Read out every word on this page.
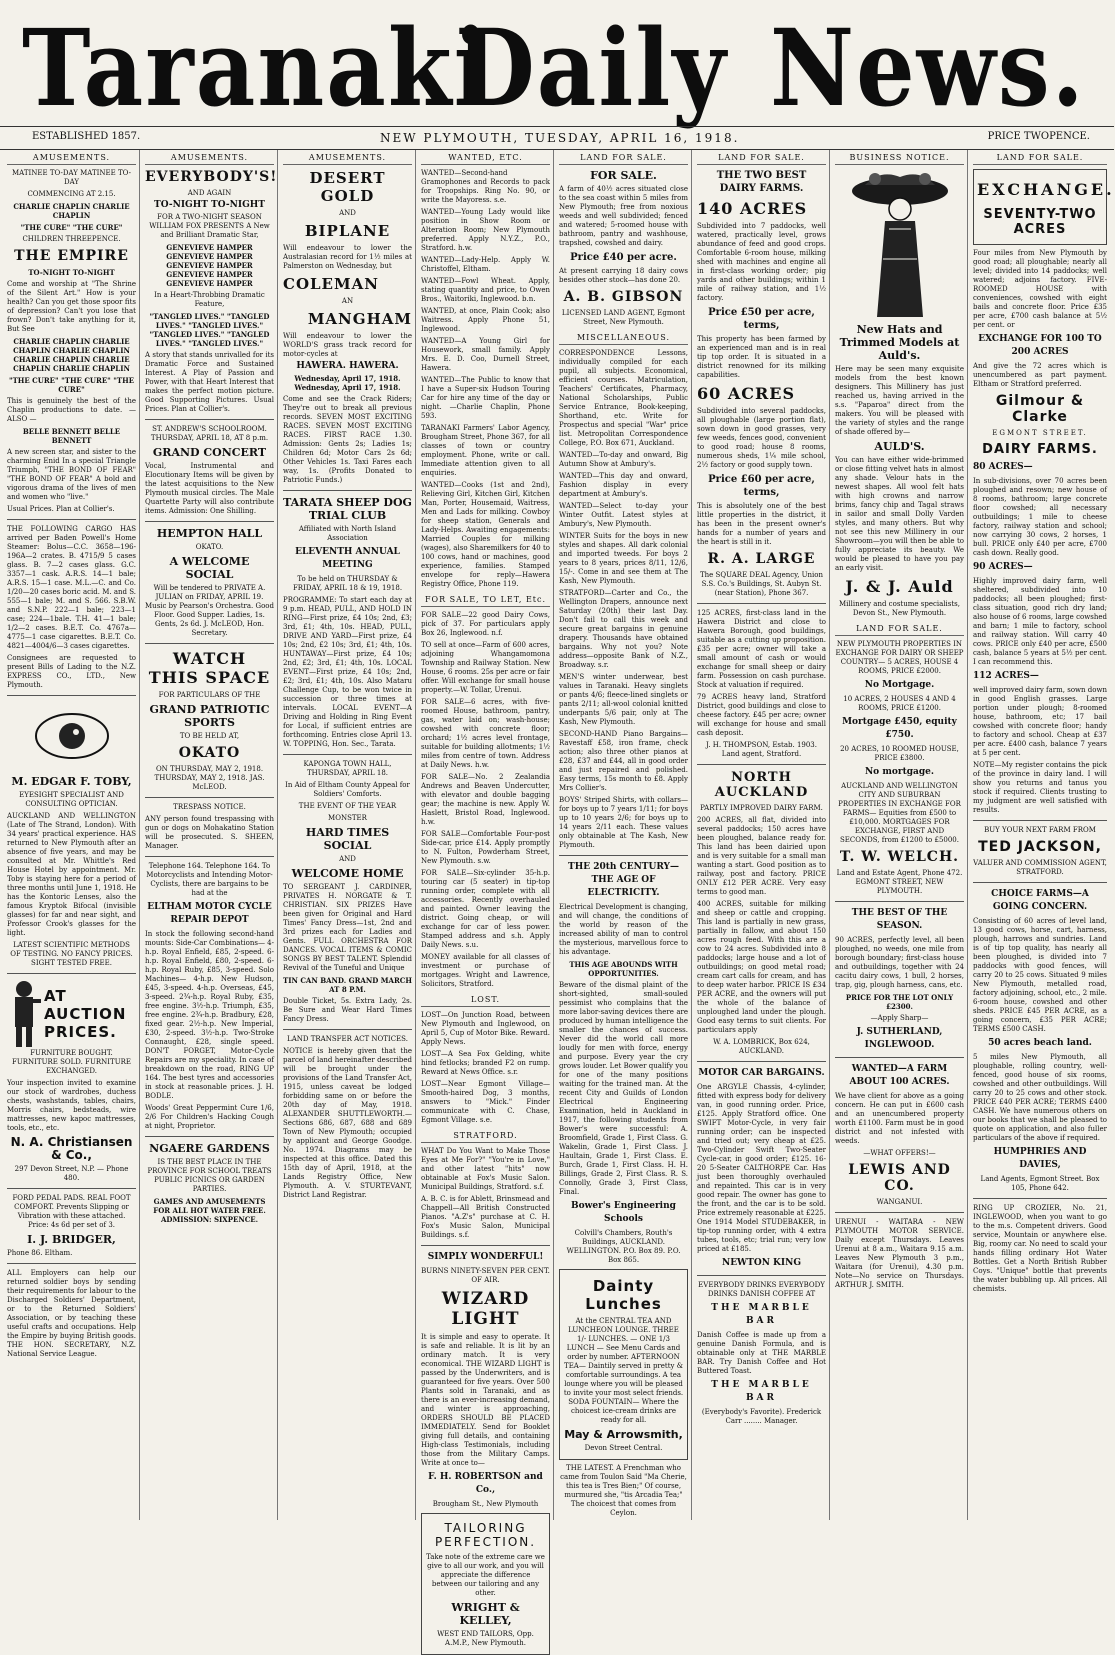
Taranaki
Daily News.
ESTABLISHED 1857.	NEW PLYMOUTH, TUESDAY, APRIL 16, 1918.	PRICE TWOPENCE.
AMUSEMENTS.

MATINEE TO-DAY MATINEE TO-DAY

COMMENCING AT 2.15.

CHARLIE CHAPLIN CHARLIE CHAPLIN

"THE CURE" "THE CURE"

CHILDREN THREEPENCE.

THE EMPIRE

TO-NIGHT TO-NIGHT

Come and worship at "The Shrine of the Silent Art." How is your health? Can you get those spoor fits of depression? Can't you lose that frown? Don't take anything for it, But See

CHARLIE CHAPLIN CHARLIE CHAPLIN CHARLIE CHAPLIN CHARLIE CHAPLIN CHARLIE CHAPLIN CHARLIE CHAPLIN

"THE CURE" "THE CURE" "THE CURE"

This is genuinely the best of the Chaplin productions to date. — ALSO —

BELLE BENNETT BELLE BENNETT

A new screen star, and sister to the charming Enid In a special Triangle Triumph, "THE BOND OF FEAR" "THE BOND OF FEAR" A bold and vigorous drama of the lives of men and women who "live."

Usual Prices. Plan at Collier's.

THE FOLLOWING CARGO HAS arrived per Baden Powell's Home Steamer: Bolus—C.C. 3658—196-196A—2 crates. B. 4715/9 5 cases glass. B. 7—2 cases glass. G.C. 3357—1 cask. A.R.S. 14—1 bale; A.R.S. 15—1 case. M.L.—C. and Co. 1/20—20 cases boric acid. M. and S. 555—1 bale; M. and S. 566. S.B.W. and S.N.P. 222—1 bale; 223—1 case; 224—1bale. T.H. 41—1 bale; 1/2—2 cases. B.E.T. Co. 4767a—4775—1 case cigarettes. B.E.T. Co. 4821—4004/6—3 cases cigarettes.

Consignees are requested to present Bills of Lading to the N.Z. EXPRESS CO., LTD., New Plymouth.

M. EDGAR F. TOBY,

EYESIGHT SPECIALIST AND CONSULTING OPTICIAN.

AUCKLAND AND WELLINGTON (Late of The Strand, London). With 34 years' practical experience. HAS returned to New Plymouth after an absence of five years, and may be consulted at Mr. Whittle's Red House Hotel by appointment. Mr. Toby is staying here for a period of three months until June 1, 1918. He has the Kontoric Lenses, also the famous Kryptok Bifocal (invisible glasses) for far and near sight, and Professor Crook's glasses for the light.

LATEST SCIENTIFIC METHODS OF TESTING. NO FANCY PRICES. SIGHT TESTED FREE.

AT AUCTION PRICES.

FURNITURE BOUGHT. FURNITURE SOLD. FURNITURE EXCHANGED.

Your inspection invited to examine our stock of wardrobes, duchess chests, washstands, tables, chairs, Morris chairs, bedsteads, wire mattresses, new kapoc mattresses, tools, etc., etc.

N. A. Christiansen & Co.,

297 Devon Street, N.P. — Phone 480.

FORD PEDAL PADS. REAL FOOT COMFORT. Prevents Slipping or Vibration with these attached. Price: 4s 6d per set of 3.

I. J. BRIDGER,

Phone 86. Eltham.

ALL Employers can help our returned soldier boys by sending their requirements for labour to the Discharged Soldiers' Department, or to the Returned Soldiers' Association, or by teaching these useful crafts and occupations. Help the Empire by buying British goods. THE HON. SECRETARY, N.Z. National Service League.

AMUSEMENTS.
EVERYBODY'S!

AND AGAIN

TO-NIGHT TO-NIGHT

FOR A TWO-NIGHT SEASON WILLIAM FOX PRESENTS A New and Brilliant Dramatic Star,

GENEVIEVE HAMPER GENEVIEVE HAMPER GENEVIEVE HAMPER GENEVIEVE HAMPER GENEVIEVE HAMPER

In a Heart-Throbbing Dramatic Feature,

"TANGLED LIVES." "TANGLED LIVES." "TANGLED LIVES." "TANGLED LIVES." "TANGLED LIVES." "TANGLED LIVES."

A story that stands unrivalled for its Dramatic Force and Sustained Interest. A Play of Passion and Power, with that Heart Interest that makes the perfect motion picture. Good Supporting Pictures. Usual Prices. Plan at Collier's.

ST. ANDREW'S SCHOOLROOM. THURSDAY, APRIL 18, AT 8 p.m.

GRAND CONCERT

Vocal, Instrumental and Elocutionary Items will be given by the latest acquisitions to the New Plymouth musical circles. The Male Quartette Party will also contribute items. Admission: One Shilling.

HEMPTON HALL

OKATO.

A WELCOME SOCIAL

Will be tendered to PRIVATE A. JULIAN on FRIDAY, APRIL 19. Music by Pearson's Orchestra. Good Floor. Good Supper. Ladies, 1s. Gents, 2s 6d. J. McLEOD, Hon. Secretary.

WATCH THIS SPACE

FOR PARTICULARS OF THE

GRAND PATRIOTIC SPORTS

TO BE HELD AT,

OKATO

ON THURSDAY, MAY 2, 1918. THURSDAY, MAY 2, 1918. JAS. McLEOD.

TRESPASS NOTICE.

ANY person found trespassing with gun or dogs on Mohakatino Station will be prosecuted. S. SHEEN, Manager.

Telephone 164. Telephone 164. To Motorcyclists and Intending Motor-Cyclists, there are bargains to be had at the

ELTHAM MOTOR CYCLE REPAIR DEPOT

In stock the following second-hand mounts: Side-Car Combinations— 4-h.p. Royal Enfield, £85, 2-speed. 6-h.p. Royal Enfield, £80, 2-speed. 6-h.p. Royal Ruby, £85, 3-speed. Solo Machines— 4-h.p. New Hudson, £45, 3-speed. 4-h.p. Overseas, £45, 3-speed. 2¾-h.p. Royal Ruby, £35, free engine. 3½-h.p. Triumph, £35, free engine. 2¾-h.p. Bradbury, £28, fixed gear. 2½-h.p. New Imperial, £30, 2-speed. 3½-h.p. Two-Stroke Connaught, £28, single speed. DON'T FORGET, Motor-Cycle Repairs are my speciality. In case of breakdown on the road, RING UP 164. The best tyres and accessories in stock at reasonable prices. J. H. BODLE.

Woods' Great Peppermint Cure 1/6, 2/6 For Children's Hacking Cough at night, Proprietor.

NGAERE GARDENS

IS THE BEST PLACE IN THE PROVINCE FOR SCHOOL TREATS PUBLIC PICNICS OR GARDEN PARTIES.

GAMES AND AMUSEMENTS FOR ALL HOT WATER FREE. ADMISSION: SIXPENCE.

AMUSEMENTS.
DESERT GOLD

AND

BIPLANE

Will endeavour to lower the Australasian record for 1½ miles at Palmerston on Wednesday, but

COLEMAN

AN

MANGHAM

Will endeavour to lower the WORLD'S grass track record for motor-cycles at

HAWERA. HAWERA.

Wednesday, April 17, 1918. Wednesday, April 17, 1918.

Come and see the Crack Riders; They're out to break all previous records. SEVEN MOST EXCITING RACES. SEVEN MOST EXCITING RACES. FIRST RACE 1.30. Admission: Gents 2s; Ladies 1s; Children 6d; Motor Cars 2s 6d; Other Vehicles 1s. Taxi Fares each way, 1s. (Profits Donated to Patriotic Funds.)

TARATA SHEEP DOG TRIAL CLUB

Affiliated with North Island Association

ELEVENTH ANNUAL MEETING

To be held on THURSDAY & FRIDAY, APRIL 18 & 19, 1918.

PROGRAMME: To start each day at 9 p.m. HEAD, PULL, AND HOLD IN RING—First prize, £4 10s; 2nd, £3; 3rd, £1; 4th, 10s. HEAD, PULL, DRIVE AND YARD—First prize, £4 10s; 2nd, £2 10s; 3rd, £1; 4th, 10s. HUNTAWAY—First prize, £4 10s; 2nd, £2; 3rd, £1; 4th, 10s. LOCAL EVENT—First prize, £4 10s; 2nd, £2; 3rd, £1; 4th, 10s. Also Mataru Challenge Cup, to be won twice in succession or three times at intervals. LOCAL EVENT—A Driving and Holding in Ring Event for Local, if sufficient entries are forthcoming. Entries close April 13. W. TOPPING, Hon. Sec., Tarata.

KAPONGA TOWN HALL, THURSDAY, APRIL 18.

In Aid of Eltham County Appeal for Soldiers' Comforts.

THE EVENT OF THE YEAR

MONSTER

HARD TIMES SOCIAL

AND

WELCOME HOME

TO SERGEANT J. CARDINER, PRIVATES H. NORGATE & T. CHRISTIAN. SIX PRIZES Have been given for Original and Hard Times' Fancy Dress—1st, 2nd and 3rd prizes each for Ladies and Gents. FULL ORCHESTRA FOR DANCES. VOCAL ITEMS & COMIC SONGS BY BEST TALENT. Splendid Revival of the Tuneful and Unique

TIN CAN BAND. GRAND MARCH AT 8 P.M.

Double Ticket, 5s. Extra Lady, 2s. Be Sure and Wear Hard Times Fancy Dress.

LAND TRANSFER ACT NOTICES.

NOTICE is hereby given that the parcel of land hereinafter described will be brought under the provisions of the Land Transfer Act, 1915, unless caveat be lodged forbidding same on or before the 20th day of May, 1918. ALEXANDER SHUTTLEWORTH.—Sections 686, 687, 688 and 689 Town of New Plymouth; occupied by applicant and George Goodge. No. 1974. Diagrams may be inspected at this office. Dated this 15th day of April, 1918, at the Lands Registry Office, New Plymouth. A. V. STURTEVANT, District Land Registrar.

WANTED, ETC.

WANTED—Second-hand Gramophones and Records to pack for Troopships. Ring No. 90, or write the Mayoress. s.e.

WANTED—Young Lady would like position in Show Room or Alteration Room; New Plymouth preferred. Apply N.Y.Z., P.O., Stratford. h.w.

WANTED—Lady-Help. Apply W. Christoffel, Eltham.

WANTED—Fowl Wheat. Apply, stating quantity and price, to Owen Bros., Waitoriki, Inglewood. b.n.

WANTED, at once, Plain Cook; also Waitress. Apply Phone 51, Inglewood.

WANTED—A Young Girl for Housework, small family. Apply Mrs. E. D. Coo, Durnell Street, Hawera.

WANTED—The Public to know that I have a Super-six Hudson Touring Car for hire any time of the day or night. —Charlie Chaplin, Phone 593.

TARANAKI Farmers' Labor Agency, Brougham Street, Phone 367, for all classes of town or country employment. Phone, write or call. Immediate attention given to all enquiries.

WANTED—Cooks (1st and 2nd), Relieving Girl, Kitchen Girl, Kitchen Man, Porter, Housemaid, Waitress, Men and Lads for milking. Cowboy for sheep station, Generals and Lady-Helps. Awaiting engagements: Married Couples for milking (wages), also Sharemilkers for 40 to 100 cows, hand or machines, good experience, families. Stamped envelope for reply—Hawera Registry Office, Phone 119.

FOR SALE, TO LET, Etc.

FOR SALE—22 good Dairy Cows, pick of 37. For particulars apply Box 26, Inglewood. n.f.

TO sell at once—Farm of 600 acres, adjoining Whangamomona Township and Railway Station. New House, 6 rooms. 25s per acre or fair offer. Will exchange for small house property.—W. Tollar, Urenui.

FOR SALE—6 acres, with five-roomed House, bathroom, pantry, gas, water laid on; wash-house; cowshed with concrete floor; orchard; 1½ acres level frontage, suitable for building allotments; 1½ miles from centre of town. Address at Daily News. h.w.

FOR SALE—No. 2 Zealandia Andrews and Beaven Undercutter, with elevator and double bagging gear; the machine is new. Apply W. Haslett, Bristol Road, Inglewood. h.w.

FOR SALE—Comfortable Four-post Side-car, price £14. Apply promptly to N. Fulton, Powderham Street, New Plymouth. s.w.

FOR SALE—Six-cylinder 35-h.p. touring car (5 seater) in tip-top running order, complete with all accessories. Recently overhauled and painted. Owner leaving the district. Going cheap, or will exchange for car of less power. Stamped address and s.h. Apply Daily News. s.u.

MONEY available for all classes of investment or purchase of mortgages. Wright and Lawrence, Solicitors, Stratford.

LOST.

LOST—On Junction Road, between New Plymouth and Inglewood, on April 5, Cup of Motor Bike. Reward. Apply News.

LOST—A Sea Fox Gelding, white hind fetlocks; branded F2 on rump. Reward at News Office. s.r.

LOST—Near Egmont Village—Smooth-haired Dog, 3 months, answers to "Mick." Finder communicate with C. Chase, Egmont Village. s.e.

STRATFORD.

WHAT Do You Want to Make Those Eyes at Me For?" "You're in Love," and other latest "hits" now obtainable at Fox's Music Salon. Municipal Buildings, Stratford. s.f.

A. B. C. is for Ablett, Brinsmead and Chappell—All British Constructed Pianos. "A.Z's" purchase at C. H. Fox's Music Salon, Municipal Buildings. s.f.

SIMPLY WONDERFUL!

BURNS NINETY-SEVEN PER CENT. OF AIR.

WIZARD LIGHT

It is simple and easy to operate. It is safe and reliable. It is lit by an ordinary match. It is very economical. THE WIZARD LIGHT is passed by the Underwriters, and is guaranteed for five years. Over 500 Plants sold in Taranaki, and as there is an ever-increasing demand, and winter is approaching, ORDERS SHOULD BE PLACED IMMEDIATELY. Send for Booklet giving full details, and containing High-class Testimonials, including those from the Military Camps. Write at once to—

F. H. ROBERTSON and Co.,

Brougham St., New Plymouth

TAILORING PERFECTION.

Take note of the extreme care we give to all our work, and you will appreciate the difference between our tailoring and any other.

WRIGHT & KELLEY,

WEST END TAILORS, Opp. A.M.P., New Plymouth.

LAND FOR SALE.
FOR SALE.

A farm of 40½ acres situated close to the sea coast within 5 miles from New Plymouth; free from noxious weeds and well subdivided; fenced and watered; 5-roomed house with bathroom, pantry and washhouse, trapshed, cowshed and dairy.

Price £40 per acre.

At present carrying 18 dairy cows besides other stock—has done 20.

A. B. GIBSON

LICENSED LAND AGENT, Egmont Street, New Plymouth.

MISCELLANEOUS.

CORRESPONDENCE Lessons, individually compiled for each pupil, all subjects. Economical, efficient courses. Matriculation, Teachers' Certificates, Pharmacy, National Scholarships, Public Service Entrance, Book-keeping, Shorthand, etc. Write for Prospectus and special "War" price list. Metropolitan Correspondence College, P.O. Box 671, Auckland.

WANTED—To-day and onward, Big Autumn Show at Ambury's.

WANTED—This day and onward, Fashion display in every department at Ambury's.

WANTED—Select to-day your Winter Outfit. Latest styles at Ambury's, New Plymouth.

WINTER Suits for the boys in new styles and shapes. All dark colonial and imported tweeds. For boys 2 years to 8 years, prices 8/11, 12/6, 15/-. Come in and see them at The Kash, New Plymouth.

STRATFORD—Carter and Co., the Wellington Drapers, announce next Saturday (20th) their last Day. Don't fail to call this week and secure great bargains in genuine drapery. Thousands have obtained bargains. Why not you? Note address—opposite Bank of N.Z., Broadway. s.r.

MEN'S winter underwear, best values in Taranaki. Heavy singlets or pants 4/6; fleece-lined singlets or pants 2/11; all-wool colonial knitted underpants 5/6 pair, only at The Kash, New Plymouth.

SECOND-HAND Piano Bargains—Ravestaff £58, iron frame, check action; also three other pianos at £28, £37 and £44, all in good order and just repaired and polished. Easy terms, 15s month to £8. Apply Mrs Collier's.

BOYS' Striped Shirts, with collars—for boys up to 7 years 1/11; for boys up to 10 years 2/6; for boys up to 14 years 2/11 each. These values only obtainable at The Kash, New Plymouth.

THE 20th CENTURY—THE AGE OF ELECTRICITY.

Electrical Development is changing, and will change, the conditions of the world by reason of the increased ability of man to control the mysterious, marvellous force to his advantage.

THIS AGE ABOUNDS WITH OPPORTUNITIES.

Beware of the dismal plaint of the short-sighted, small-souled pessimist who complains that the more labor-saving devices there are produced by human intelligence the smaller the chances of success. Never did the world call more loudly for men with force, energy and purpose. Every year the cry grows louder. Let Bower qualify you for one of the many positions waiting for the trained man. At the recent City and Guilds of London Electrical Engineering Examination, held in Auckland in 1917, the following students from Bower's were successful: A. Broomfield, Grade 1, First Class. G. Wakelin, Grade 1, First Class. J. Haultain, Grade 1, First Class. E. Burch, Grade 1, First Class. H. H. Billings, Grade 2, First Class. R. S. Connolly, Grade 3, First Class, Final.

Bower's Engineering Schools

Colvill's Chambers, Routh's Buildings, AUCKLAND. WELLINGTON. P.O. Box 89. P.O. Box 865.

Dainty Lunches

At the CENTRAL TEA AND LUNCHEON LOUNGE. THREE 1/- LUNCHES. — ONE 1/3 LUNCH — See Menu Cards and order by number. AFTERNOON TEA— Daintily served in pretty & comfortable surroundings. A tea lounge where you will be pleased to invite your most select friends. SODA FOUNTAIN— Where the choicest ice-cream drinks are ready for all.

May & Arrowsmith,

Devon Street Central.

THE LATEST. A Frenchman who came from Toulon Said "Ma Cherie, this tea is Tres Bien;" Of course, murmured she, "tis Arcadia Tea;" The choicest that comes from Ceylon.

LAND FOR SALE.
THE TWO BEST DAIRY FARMS.
140 ACRES

Subdivided into 7 paddocks, well watered, practically level, grows abundance of feed and good crops. Comfortable 6-room house, milking shed with machines and engine all in first-class working order; pig yards and other buildings; within 1 mile of railway station, and 1½ factory.

Price £50 per acre, terms,

This property has been farmed by an experienced man and is in real tip top order. It is situated in a district renowned for its milking capabilities.

60 ACRES

Subdivided into several paddocks, all ploughable (large portion flat), sown down in good grasses, very few weeds, fences good, convenient to good road; house 8 rooms, numerous sheds, 1¼ mile school, 2½ factory or good supply town.

Price £60 per acre, terms,

This is absolutely one of the best little properties in the district, it has been in the present owner's hands for a number of years and the heart is still in it.

R. A. LARGE

The SQUARE DEAL Agency, Union S.S. Co.'s Buildings, St. Aubyn St. (near Station), Phone 367.

125 ACRES, first-class land in the Hawera District and close to Hawera Borough, good buildings, suitable as a cutting up proposition. £35 per acre; owner will take a small amount of cash or would exchange for small sheep or dairy farm. Possession on cash purchase. Stock at valuation if required.

79 ACRES heavy land, Stratford District, good buildings and close to cheese factory. £45 per acre; owner will exchange for house and small cash deposit.

J. H. THOMPSON, Estab. 1903. Land agent, Stratford.

NORTH AUCKLAND

PARTLY IMPROVED DAIRY FARM.

200 ACRES, all flat, divided into several paddocks; 150 acres have been ploughed, balance ready for. This land has been dairied upon and is very suitable for a small man wanting a start. Good position as to railway, post and factory. PRICE ONLY £12 PER ACRE. Very easy terms to good man.

400 ACRES, suitable for milking and sheep or cattle and cropping. This land is partially in new grass, partially in fallow, and about 150 acres rough feed. With this are a cow to 24 acres. Subdivided into 8 paddocks; large house and a lot of outbuildings; on good metal road; cream cart calls for cream, and has to deep water harbor. PRICE IS £34 PER ACRE, and the owners will put the whole of the balance of unploughed land under the plough. Good easy terms to suit clients. For particulars apply

W. A. LOMBRICK, Box 624, AUCKLAND.

MOTOR CAR BARGAINS.

One ARGYLE Chassis, 4-cylinder, fitted with express body for delivery van, in good running order. Price, £125. Apply Stratford office. One SWIFT Motor-Cycle, in very fair running order; can be inspected and tried out; very cheap at £25. Two-Cylinder Swift Two-Seater Cycle-car, in good order; £125. 16-20 5-Seater CALTHORPE Car. Has just been thoroughly overhauled and repainted. This car is in very good repair. The owner has gone to the front, and the car is to be sold. Price extremely reasonable at £225. One 1914 Model STUDEBAKER, in tip-top running order, with 4 extra tubes, tools, etc; trial run; very low priced at £185.

NEWTON KING

EVERYBODY DRINKS EVERYBODY DRINKS DANISH COFFEE AT

THE MARBLE BAR

Danish Coffee is made up from a genuine Danish Formula, and is obtainable only at THE MARBLE BAR. Try Danish Coffee and Hot Buttered Toast.

THE MARBLE BAR

(Everybody's Favorite). Frederick Carr ........ Manager.

BUSINESS NOTICE.
New Hats and Trimmed Models at Auld's.

Here may be seen many exquisite models from the best known designers. This Millinery has just reached us, having arrived in the s.s. "Paparoa" direct from the makers. You will be pleased with the variety of styles and the range of shade offered by—

AULD'S.

You can have either wide-brimmed or close fitting velvet hats in almost any shade. Velour hats in the newest shapes. All wool felt hats with high crowns and narrow brims, fancy chip and Tagal straws in sailor and small Dolly Varden styles, and many others. But why not see this new Millinery in our Showroom—you will then be able to fully appreciate its beauty. We would be pleased to have you pay an early visit.

J. & J. Auld

Millinery and costume specialists, Devon St., New Plymouth.

LAND FOR SALE.

NEW PLYMOUTH PROPERTIES IN EXCHANGE FOR DAIRY OR SHEEP COUNTRY— 5 ACRES, HOUSE 4 ROOMS, PRICE £2000.

No Mortgage.

10 ACRES, 2 HOUSES 4 AND 4 ROOMS, PRICE £1200.

Mortgage £450, equity £750.

20 ACRES, 10 ROOMED HOUSE, PRICE £3800.

No mortgage.

AUCKLAND AND WELLINGTON CITY AND SUBURBAN PROPERTIES IN EXCHANGE FOR FARMS— Equities from £500 to £10,000. MORTGAGES FOR EXCHANGE, FIRST AND SECONDS, from £1200 to £5000.

T. W. WELCH.

Land and Estate Agent, Phone 472. EGMONT STREET, NEW PLYMOUTH.

THE BEST OF THE SEASON.

90 ACRES, perfectly level, all been ploughed, no weeds, one mile from borough boundary; first-class house and outbuildings, together with 24 cacitu dairy cows, 1 bull, 2 horses, trap, gig, plough harness, cans, etc.

PRICE FOR THE LOT ONLY £2300.

—Apply Sharp—

J. SUTHERLAND, INGLEWOOD.
WANTED—A FARM ABOUT 100 ACRES.

We have client for above as a going concern. He can put in £600 cash and an unencumbered property worth £1100. Farm must be in good district and not infested with weeds.

—WHAT OFFERS!—

LEWIS AND CO.

WANGANUI.

URENUI - WAITARA - NEW PLYMOUTH MOTOR SERVICE. Daily except Thursdays. Leaves Urenui at 8 a.m., Waitara 9.15 a.m. Leaves New Plymouth 3 p.m., Waitara (for Urenui), 4.30 p.m. Note—No service on Thursdays. ARTHUR J. SMITH.

LAND FOR SALE.
EXCHANGE.
SEVENTY-TWO ACRES

Four miles from New Plymouth by good road; all ploughable; nearly all level; divided into 14 paddocks; well watered; adjoins factory. FIVE-ROOMED HOUSE with conveniences, cowshed with eight bails and concrete floor. Price £35 per acre, £700 cash balance at 5½ per cent. or

EXCHANGE FOR 100 TO 200 ACRES

And give the 72 acres which is unencumbered as part payment. Eltham or Stratford preferred.

Gilmour & Clarke

EGMONT STREET.

DAIRY FARMS.
80 ACRES—

In sub-divisions, over 70 acres been ploughed and resown; new house of 8 rooms, bathroom; large concrete floor cowshed; all necessary outbuildings; 1 mile to cheese factory, railway station and school; now carrying 30 cows, 2 horses, 1 bull. PRICE only £40 per acre, £700 cash down. Really good.

90 ACRES—

Highly improved dairy farm, well sheltered, subdivided into 10 paddocks; all been ploughed; first-class situation, good rich dry land; also house of 6 rooms, large cowshed and barn; 1 mile to factory, school and railway station. Will carry 40 cows. PRICE only £40 per acre, £500 cash, balance 5 years at 5½ per cent. I can recommend this.

112 ACRES—

well improved dairy farm, sown down in good English grasses. Large portion under plough; 8-roomed house, bathroom, etc; 17 bail cowshed with concrete floor; handy to factory and school. Cheap at £37 per acre. £400 cash, balance 7 years at 5 per cent.

NOTE—My register contains the pick of the province in dairy land. I will show you returns and tanus you stock if required. Clients trusting to my judgment are well satisfied with results.

BUY YOUR NEXT FARM FROM

TED JACKSON,

VALUER AND COMMISSION AGENT, STRATFORD.

CHOICE FARMS—A GOING CONCERN.

Consisting of 60 acres of level land, 13 good cows, horse, cart, harness, plough, harrows and sundries. Land is of tip top quality, has nearly all been ploughed, is divided into 7 paddocks with good fences, will carry 20 to 25 cows. Situated 9 miles New Plymouth, metalled road, factory adjoining, school, etc., 2 mile. 6-room house, cowshed and other sheds. PRICE £45 PER ACRE, as a going concern, £35 PER ACRE; TERMS £500 CASH.

50 acres beach land.

5 miles New Plymouth, all ploughable, rolling country, well-fenced, good house of six rooms, cowshed and other outbuildings. Will carry 20 to 25 cows and other stock. PRICE £40 PER ACRE; TERMS £400 CASH. We have numerous others on our books that we shall be pleased to quote on application, and also fuller particulars of the above if required.

HUMPHRIES AND DAVIES,

Land Agents, Egmont Street. Box 105, Phone 642.

RING UP CROZIER, No. 21, INGLEWOOD, when you want to go to the m.s. Competent drivers. Good service, Mountain or anywhere else. Big, roomy car. No need to scald your hands filling ordinary Hot Water Bottles. Get a North British Rubber Coys. "Unique" bottle that prevents the water bubbling up. All prices. All chemists.
